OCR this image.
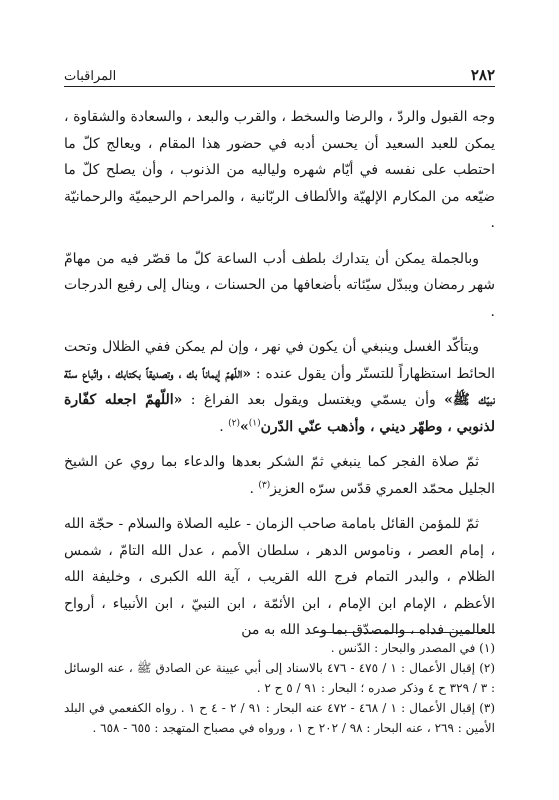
٢٨٢
المراقبات

وجه القبول والردّ ، والرضا والسخط ، والقرب والبعد ، والسعادة والشقاوة ، يمكن للعبد السعيد أن يحسن أدبه في حضور هذا المقام ، ويعالج كلّ ما احتطب على نفسه في أيّام شهره ولياليه من الذنوب ، وأن يصلح كلّ ما ضيّعه من المكارم الإلهيّة والألطاف الربّانية ، والمراحم الرحيميّة والرحمانيّة .

وبالجملة يمكن أن يتدارك بلطف أدب الساعة كلّ ما قصّر فيه من مهامّ شهر رمضان ويبدّل سيّئاته بأضعافها من الحسنات ، وينال إلى رفيع الدرجات .

ويتأكّد الغسل وينبغي أن يكون في نهر ، وإن لم يمكن ففي الظلال وتحت الحائط استظهاراً للتستّر وأن يقول عنده : «اللّهمّ إيماناً بك ، وتصديقاً بكتابك ، واتّباع سنّة نبيّك ﷺ» وأن يسمّي ويغتسل ويقول بعد الفراغ : «اللّهمّ اجعله كفّارة لذنوبي ، وطهّر ديني ، وأذهب عنّي الدّرن$^{(١)}$»$^{(٢)}$ .

ثمّ صلاة الفجر كما ينبغي ثمّ الشكر بعدها والدعاء بما روي عن الشيخ الجليل محمّد العمري قدّس سرّه العزيز$^{(٣)}$ .

ثمّ للمؤمن القائل بامامة صاحب الزمان - عليه الصلاة والسلام - حجّة الله ، إمام العصر ، وناموس الدهر ، سلطان الأمم ، عدل الله التامّ ، شمس الظلام ، والبدر التمام فرج الله القريب ، آية الله الكبرى ، وخليفة الله الأعظم ، الإمام ابن الإمام ، ابن الأئمّة ، ابن النبيّ ، ابن الأنبياء ، أرواح العالمين فداه ، والمصدّق بما وعد الله به من

(١) في المصدر والبحار : الدّنس .

(٢) إقبال الأعمال : ١ / ٤٧٥ - ٤٧٦ بالاسناد إلى أبي عيينة عن الصادق ﷺ ، عنه الوسائل : ٣ / ٣٢٩ ح ٤ وذكر صدره ؛ البحار : ٩١ / ٥ ح ٢ .

(٣) إقبال الأعمال : ١ / ٤٦٨ - ٤٧٢ عنه البحار : ٩١ / ٢ - ٤ ح ١ . رواه الكفعمي في البلد الأمين : ٢٦٩ ، عنه البحار : ٩٨ / ٢٠٢ ح ١ ، ورواه في مصباح المتهجد : ٦٥٥ - ٦٥٨ .
